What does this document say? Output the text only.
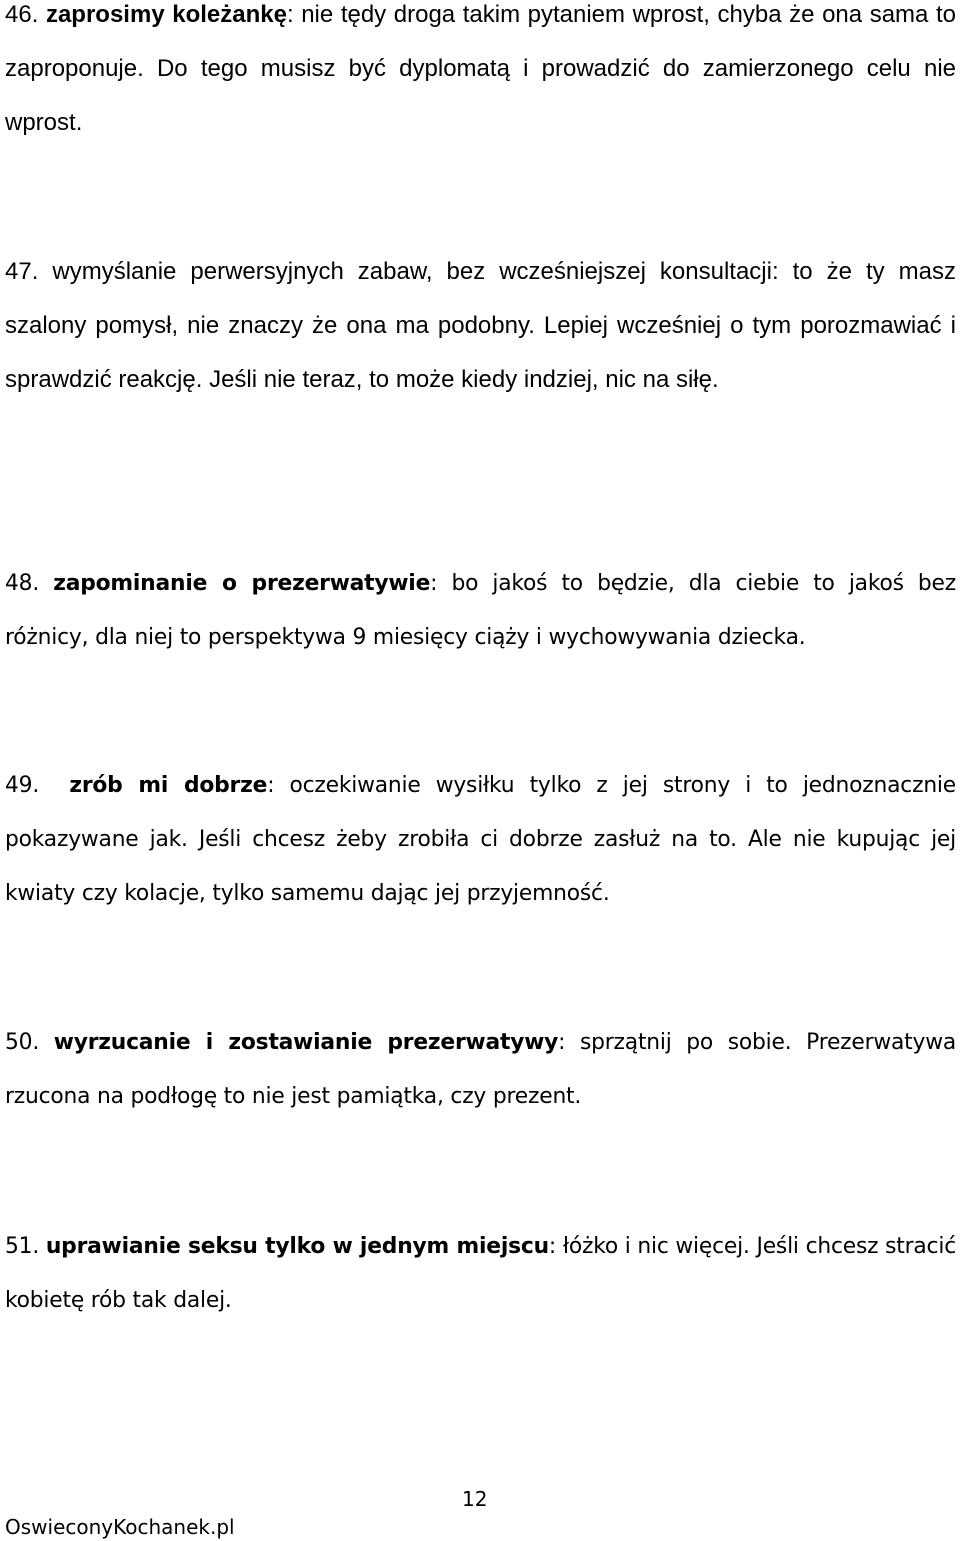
46. zaprosimy koleżankę: nie tędy droga takim pytaniem wprost, chyba że ona sama to zaproponuje. Do tego musisz być dyplomatą i prowadzić do zamierzonego celu nie wprost.

47. wymyślanie perwersyjnych zabaw, bez wcześniejszej konsultacji: to że ty masz szalony pomysł, nie znaczy że ona ma podobny. Lepiej wcześniej o tym porozmawiać i sprawdzić reakcję. Jeśli nie teraz, to może kiedy indziej, nic na siłę.

48. zapominanie o prezerwatywie: bo jakoś to będzie, dla ciebie to jakoś bez różnicy, dla niej to perspektywa 9 miesięcy ciąży i wychowywania dziecka.

49. zrób mi dobrze: oczekiwanie wysiłku tylko z jej strony i to jednoznacznie pokazywane jak. Jeśli chcesz żeby zrobiła ci dobrze zasłuż na to. Ale nie kupując jej kwiaty czy kolacje, tylko samemu dając jej przyjemność.

50. wyrzucanie i zostawianie prezerwatywy: sprzątnij po sobie. Prezerwatywa rzucona na podłogę to nie jest pamiątka, czy prezent.

51. uprawianie seksu tylko w jednym miejscu: łóżko i nic więcej. Jeśli chcesz stracić kobietę rób tak dalej.

12

OswieconyKochanek.pl
